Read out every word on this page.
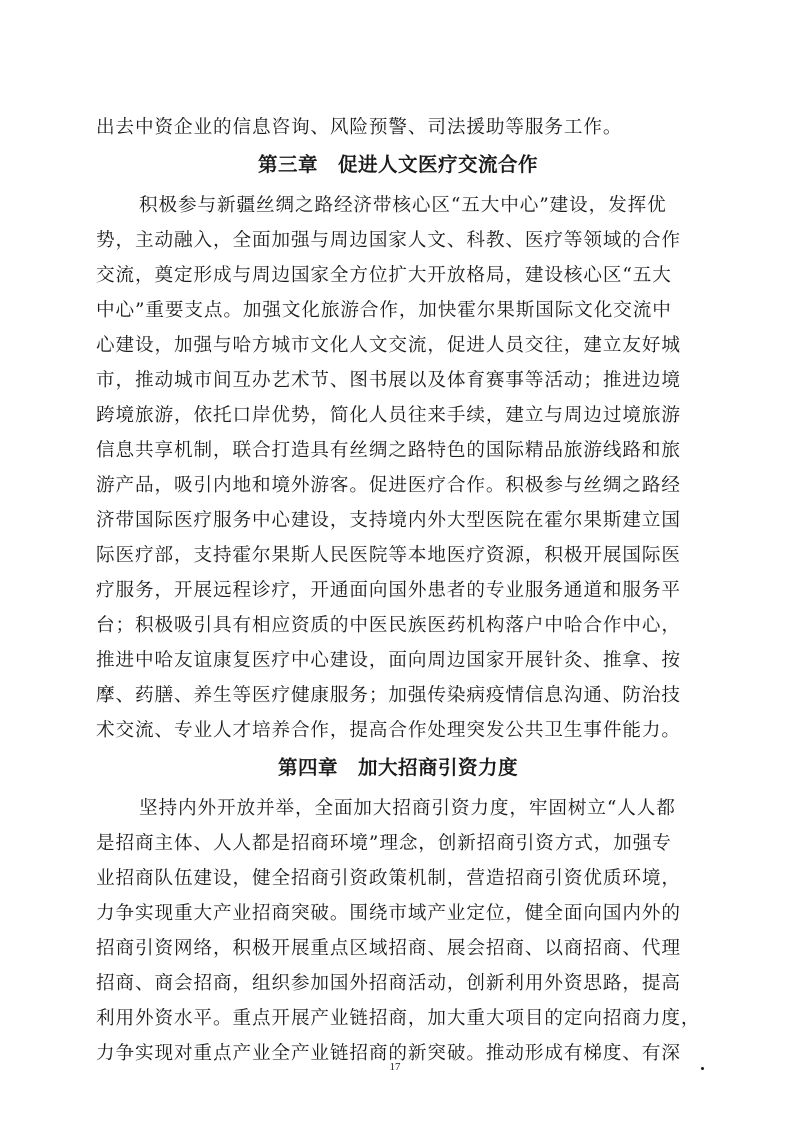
出去中资企业的信息咨询、风险预警、司法援助等服务工作。
第三章　促进人文医疗交流合作
积极参与新疆丝绸之路经济带核心区“五大中心”建设，发挥优
势，主动融入，全面加强与周边国家人文、科教、医疗等领域的合作
交流，奠定形成与周边国家全方位扩大开放格局，建设核心区“五大
中心”重要支点。加强文化旅游合作，加快霍尔果斯国际文化交流中
心建设，加强与哈方城市文化人文交流，促进人员交往，建立友好城
市，推动城市间互办艺术节、图书展以及体育赛事等活动；推进边境
跨境旅游，依托口岸优势，简化人员往来手续，建立与周边过境旅游
信息共享机制，联合打造具有丝绸之路特色的国际精品旅游线路和旅
游产品，吸引内地和境外游客。促进医疗合作。积极参与丝绸之路经
济带国际医疗服务中心建设，支持境内外大型医院在霍尔果斯建立国
际医疗部，支持霍尔果斯人民医院等本地医疗资源，积极开展国际医
疗服务，开展远程诊疗，开通面向国外患者的专业服务通道和服务平
台；积极吸引具有相应资质的中医民族医药机构落户中哈合作中心，
推进中哈友谊康复医疗中心建设，面向周边国家开展针灸、推拿、按
摩、药膳、养生等医疗健康服务；加强传染病疫情信息沟通、防治技
术交流、专业人才培养合作，提高合作处理突发公共卫生事件能力。
第四章　加大招商引资力度
坚持内外开放并举，全面加大招商引资力度，牢固树立“人人都
是招商主体、人人都是招商环境”理念，创新招商引资方式，加强专
业招商队伍建设，健全招商引资政策机制，营造招商引资优质环境，
力争实现重大产业招商突破。围绕市域产业定位，健全面向国内外的
招商引资网络，积极开展重点区域招商、展会招商、以商招商、代理
招商、商会招商，组织参加国外招商活动，创新利用外资思路，提高
利用外资水平。重点开展产业链招商，加大重大项目的定向招商力度，
力争实现对重点产业全产业链招商的新突破。推动形成有梯度、有深
17
